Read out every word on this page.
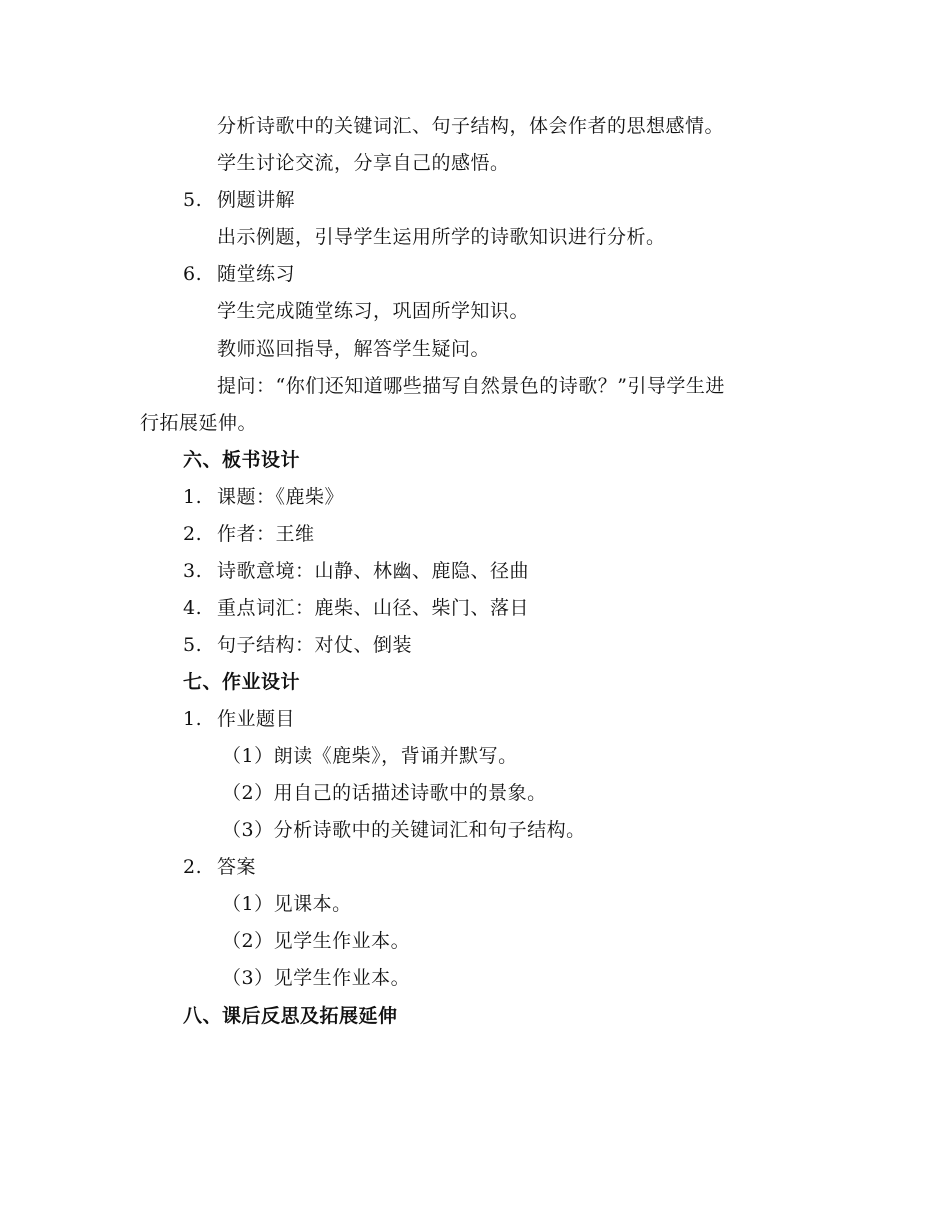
分析诗歌中的关键词汇、句子结构，体会作者的思想感情。
学生讨论交流，分享自己的感悟。
5. 例题讲解
出示例题，引导学生运用所学的诗歌知识进行分析。
6. 随堂练习
学生完成随堂练习，巩固所学知识。
教师巡回指导，解答学生疑问。
提问：“你们还知道哪些描写自然景色的诗歌？”引导学生进
行拓展延伸。
六、板书设计
1. 课题：《鹿柴》
2. 作者：王维
3. 诗歌意境：山静、林幽、鹿隐、径曲
4. 重点词汇：鹿柴、山径、柴门、落日
5. 句子结构：对仗、倒装
七、作业设计
1. 作业题目
（1）朗读《鹿柴》，背诵并默写。
（2）用自己的话描述诗歌中的景象。
（3）分析诗歌中的关键词汇和句子结构。
2. 答案
（1）见课本。
（2）见学生作业本。
（3）见学生作业本。
八、课后反思及拓展延伸
